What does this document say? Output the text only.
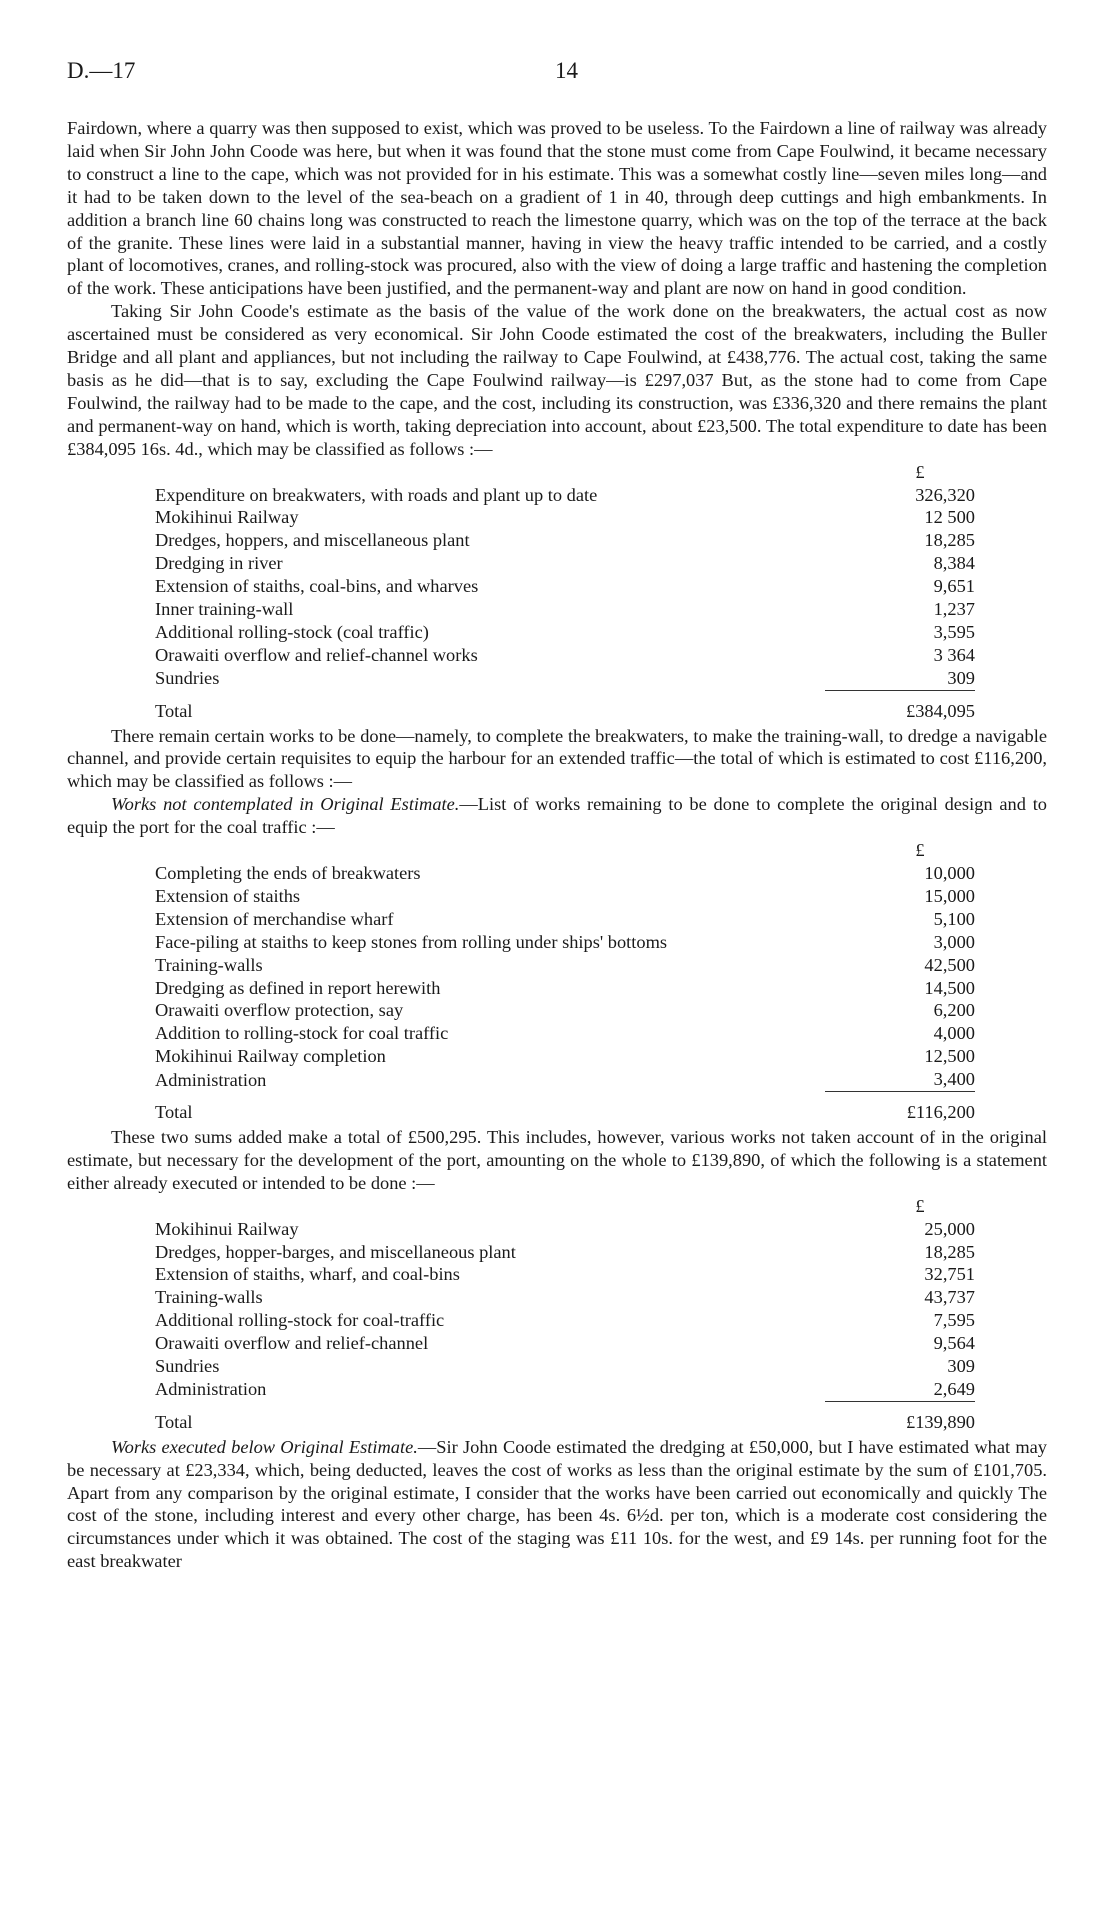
D.—17	14

Fairdown, where a quarry was then supposed to exist, which was proved to be useless. To the Fairdown a line of railway was already laid when Sir John John Coode was here, but when it was found that the stone must come from Cape Foulwind, it became necessary to construct a line to the cape, which was not provided for in his estimate. This was a somewhat costly line—seven miles long—and it had to be taken down to the level of the sea-beach on a gradient of 1 in 40, through deep cuttings and high embankments. In addition a branch line 60 chains long was constructed to reach the limestone quarry, which was on the top of the terrace at the back of the granite. These lines were laid in a substantial manner, having in view the heavy traffic intended to be carried, and a costly plant of locomotives, cranes, and rolling-stock was procured, also with the view of doing a large traffic and hastening the completion of the work. These anticipations have been justified, and the permanent-way and plant are now on hand in good condition.

Taking Sir John Coode's estimate as the basis of the value of the work done on the breakwaters, the actual cost as now ascertained must be considered as very economical. Sir John Coode estimated the cost of the breakwaters, including the Buller Bridge and all plant and appliances, but not including the railway to Cape Foulwind, at £438,776. The actual cost, taking the same basis as he did—that is to say, excluding the Cape Foulwind railway—is £297,037 But, as the stone had to come from Cape Foulwind, the railway had to be made to the cape, and the cost, including its construction, was £336,320 and there remains the plant and permanent-way on hand, which is worth, taking depreciation into account, about £23,500. The total expenditure to date has been £384,095 16s. 4d., which may be classified as follows :—

	£
Expenditure on breakwaters, with roads and plant up to date	326,320
Mokihinui Railway	12 500
Dredges, hoppers, and miscellaneous plant	18,285
Dredging in river	8,384
Extension of staiths, coal-bins, and wharves	9,651
Inner training-wall	1,237
Additional rolling-stock (coal traffic)	3,595
Orawaiti overflow and relief-channel works	3 364
Sundries	309
Total	£384,095

There remain certain works to be done—namely, to complete the breakwaters, to make the training-wall, to dredge a navigable channel, and provide certain requisites to equip the harbour for an extended traffic—the total of which is estimated to cost £116,200, which may be classified as follows :—

Works not contemplated in Original Estimate.—List of works remaining to be done to complete the original design and to equip the port for the coal traffic :—

	£
Completing the ends of breakwaters	10,000
Extension of staiths	15,000
Extension of merchandise wharf	5,100
Face-piling at staiths to keep stones from rolling under ships' bottoms	3,000
Training-walls	42,500
Dredging as defined in report herewith	14,500
Orawaiti overflow protection, say	6,200
Addition to rolling-stock for coal traffic	4,000
Mokihinui Railway completion	12,500
Administration	3,400
Total	£116,200

These two sums added make a total of £500,295. This includes, however, various works not taken account of in the original estimate, but necessary for the development of the port, amounting on the whole to £139,890, of which the following is a statement either already executed or intended to be done :—

	£
Mokihinui Railway	25,000
Dredges, hopper-barges, and miscellaneous plant	18,285
Extension of staiths, wharf, and coal-bins	32,751
Training-walls	43,737
Additional rolling-stock for coal-traffic	7,595
Orawaiti overflow and relief-channel	9,564
Sundries	309
Administration	2,649
Total	£139,890

Works executed below Original Estimate.—Sir John Coode estimated the dredging at £50,000, but I have estimated what may be necessary at £23,334, which, being deducted, leaves the cost of works as less than the original estimate by the sum of £101,705. Apart from any comparison by the original estimate, I consider that the works have been carried out economically and quickly The cost of the stone, including interest and every other charge, has been 4s. 6½d. per ton, which is a moderate cost considering the circumstances under which it was obtained. The cost of the staging was £11 10s. for the west, and £9 14s. per running foot for the east breakwater
